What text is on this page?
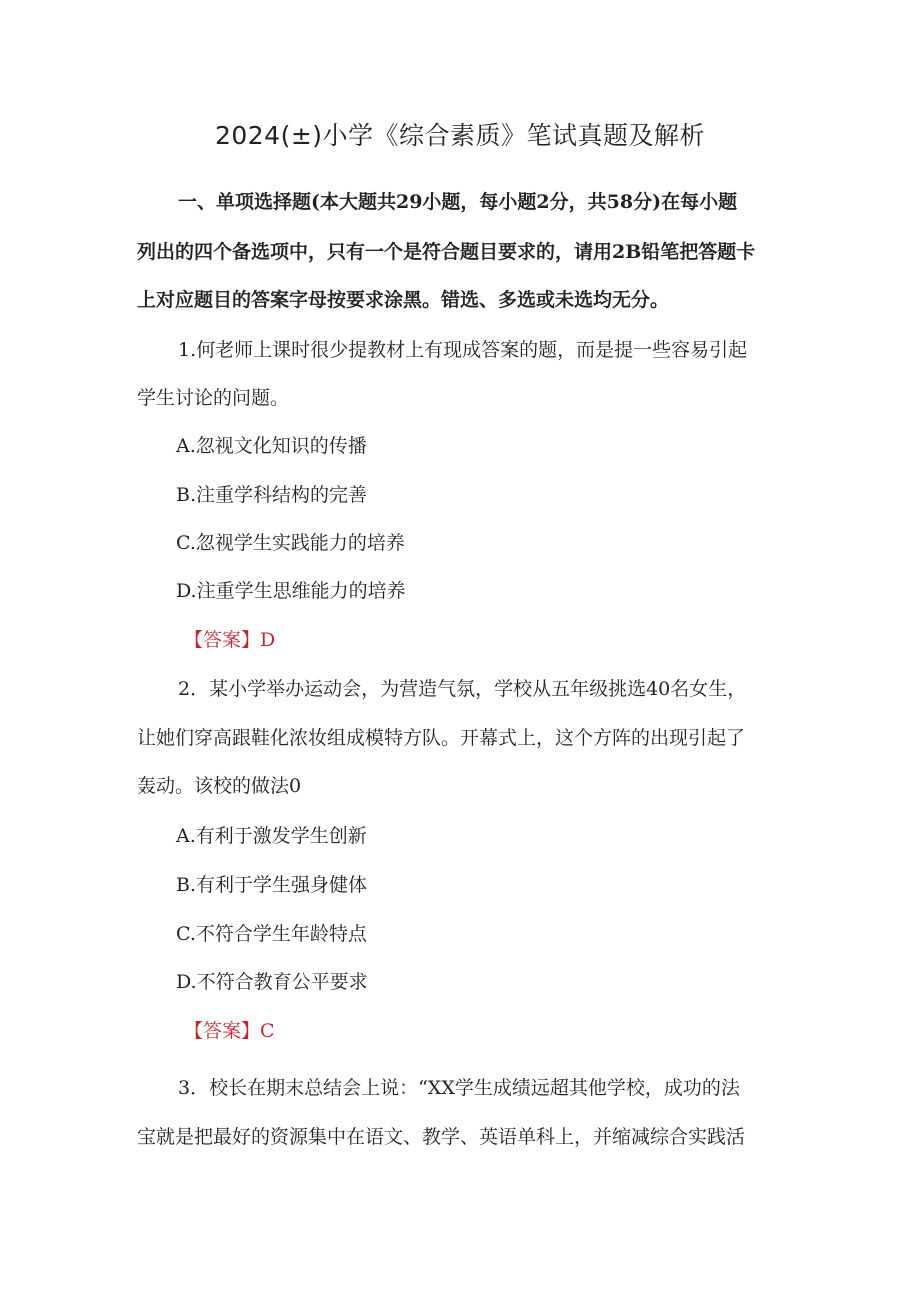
2024(±)小学《综合素质》笔试真题及解析
一、单项选择题(本大题共29小题，每小题2分，共58分)在每小题
列出的四个备选项中，只有一个是符合题目要求的，请用2B铅笔把答题卡
上对应题目的答案字母按要求涂黑。错选、多选或未选均无分。
1.何老师上课时很少提教材上有现成答案的题，而是提一些容易引起
学生讨论的问题。
A.忽视文化知识的传播
B.注重学科结构的完善
C.忽视学生实践能力的培养
D.注重学生思维能力的培养
【答案】D
2．某小学举办运动会，为营造气氛，学校从五年级挑选40名女生，
让她们穿高跟鞋化浓妆组成模特方队。开幕式上，这个方阵的出现引起了
轰动。该校的做法0
A.有利于激发学生创新
B.有利于学生强身健体
C.不符合学生年龄特点
D.不符合教育公平要求
【答案】C
3．校长在期末总结会上说：“XX学生成绩远超其他学校，成功的法
宝就是把最好的资源集中在语文、教学、英语单科上，并缩减综合实践活
